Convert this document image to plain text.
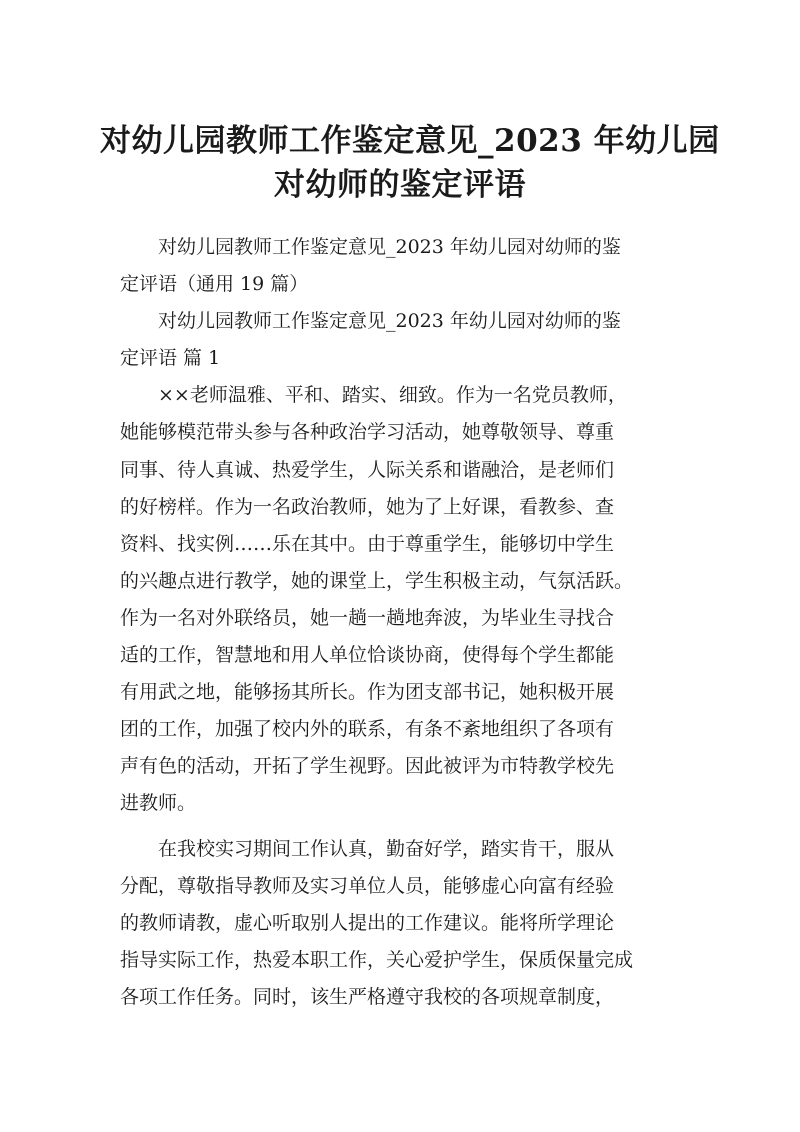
对幼儿园教师工作鉴定意见_2023 年幼儿园
对幼师的鉴定评语

　　对幼儿园教师工作鉴定意见_2023 年幼儿园对幼师的鉴
定评语（通用 19 篇）

　　对幼儿园教师工作鉴定意见_2023 年幼儿园对幼师的鉴
定评语 篇 1

　　××老师温雅、平和、踏实、细致。作为一名党员教师，
她能够模范带头参与各种政治学习活动，她尊敬领导、尊重
同事、待人真诚、热爱学生，人际关系和谐融洽，是老师们
的好榜样。作为一名政治教师，她为了上好课，看教参、查
资料、找实例……乐在其中。由于尊重学生，能够切中学生
的兴趣点进行教学，她的课堂上，学生积极主动，气氛活跃。
作为一名对外联络员，她一趟一趟地奔波，为毕业生寻找合
适的工作，智慧地和用人单位恰谈协商，使得每个学生都能
有用武之地，能够扬其所长。作为团支部书记，她积极开展
团的工作，加强了校内外的联系，有条不紊地组织了各项有
声有色的活动，开拓了学生视野。因此被评为市特教学校先
进教师。

　　在我校实习期间工作认真，勤奋好学，踏实肯干，服从
分配，尊敬指导教师及实习单位人员，能够虚心向富有经验
的教师请教，虚心听取别人提出的工作建议。能将所学理论
指导实际工作，热爱本职工作，关心爱护学生，保质保量完成
各项工作任务。同时，该生严格遵守我校的各项规章制度，
